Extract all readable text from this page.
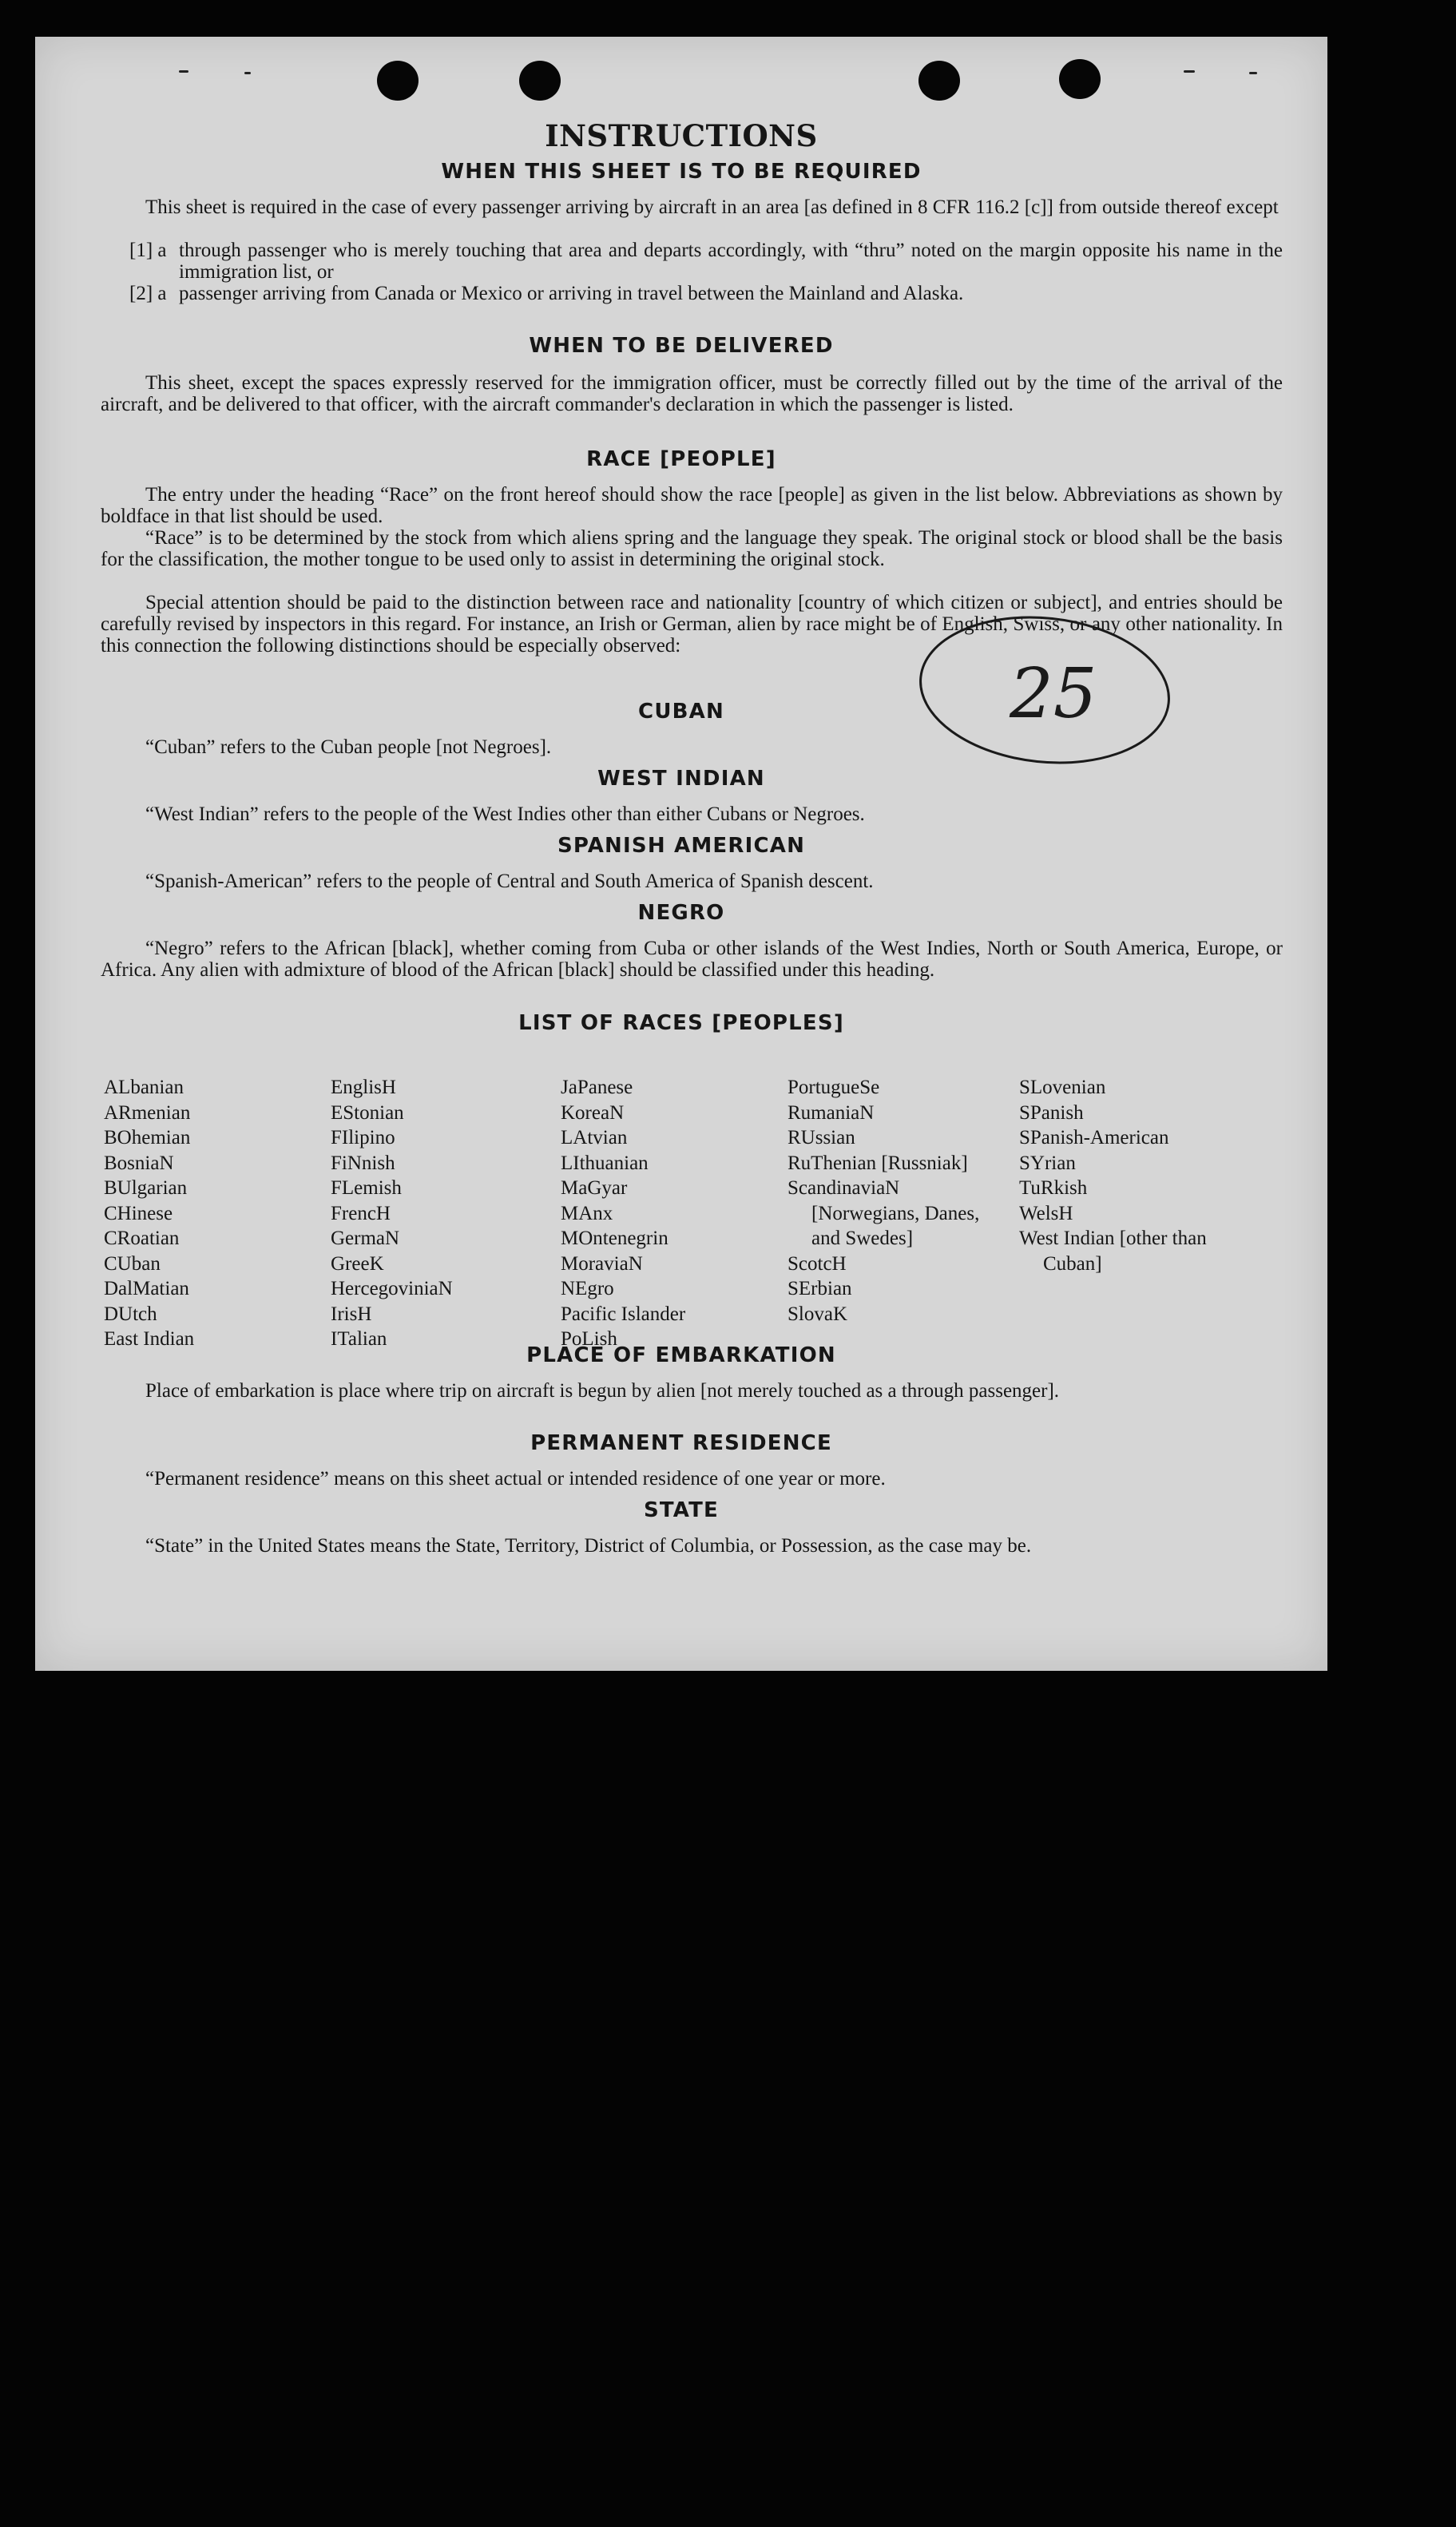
INSTRUCTIONS
WHEN THIS SHEET IS TO BE REQUIRED

This sheet is required in the case of every passenger arriving by aircraft in an area [as defined in 8 CFR 116.2 [c]] from outside thereof except

[1] a through passenger who is merely touching that area and departs accordingly, with “thru” noted on the margin opposite his name in the immigration list, or
[2] a passenger arriving from Canada or Mexico or arriving in travel between the Mainland and Alaska.
WHEN TO BE DELIVERED

This sheet, except the spaces expressly reserved for the immigration officer, must be correctly filled out by the time of the arrival of the aircraft, and be delivered to that officer, with the aircraft commander's declaration in which the passenger is listed.

RACE [PEOPLE]

The entry under the heading “Race” on the front hereof should show the race [people] as given in the list below. Abbreviations as shown by boldface in that list should be used.

“Race” is to be determined by the stock from which aliens spring and the language they speak. The original stock or blood shall be the basis for the classification, the mother tongue to be used only to assist in determining the original stock.

Special attention should be paid to the distinction between race and nationality [country of which citizen or subject], and entries should be carefully revised by inspectors in this regard. For instance, an Irish or German, alien by race might be of English, Swiss, or any other nationality. In this connection the following distinctions should be especially observed:

25
CUBAN

“Cuban” refers to the Cuban people [not Negroes].

WEST INDIAN

“West Indian” refers to the people of the West Indies other than either Cubans or Negroes.

SPANISH AMERICAN

“Spanish-American” refers to the people of Central and South America of Spanish descent.

NEGRO

“Negro” refers to the African [black], whether coming from Cuba or other islands of the West Indies, North or South America, Europe, or Africa. Any alien with admixture of blood of the African [black] should be classified under this heading.

LIST OF RACES [PEOPLES]
ALbanian
ARmenian
BOhemian
BosniaN
BUlgarian
CHinese
CRoatian
CUban
DalMatian
DUtch
East Indian
EnglisH
EStonian
FIlipino
FiNnish
FLemish
FrencH
GermaN
GreeK
HercegoviniaN
IrisH
ITalian
JaPanese
KoreaN
LAtvian
LIthuanian
MaGyar
MAnx
MOntenegrin
MoraviaN
NEgro
Pacific Islander
PoLish
PortugueSe
RumaniaN
RUssian
RuThenian [Russniak]
ScandinaviaN [Norwegians, Danes, and Swedes]
ScotcH
SErbian
SlovaK
SLovenian
SPanish
SPanish-American
SYrian
TuRkish
WelsH
West Indian [other than Cuban]
PLACE OF EMBARKATION

Place of embarkation is place where trip on aircraft is begun by alien [not merely touched as a through passenger].

PERMANENT RESIDENCE

“Permanent residence” means on this sheet actual or intended residence of one year or more.

STATE

“State” in the United States means the State, Territory, District of Columbia, or Possession, as the case may be.
